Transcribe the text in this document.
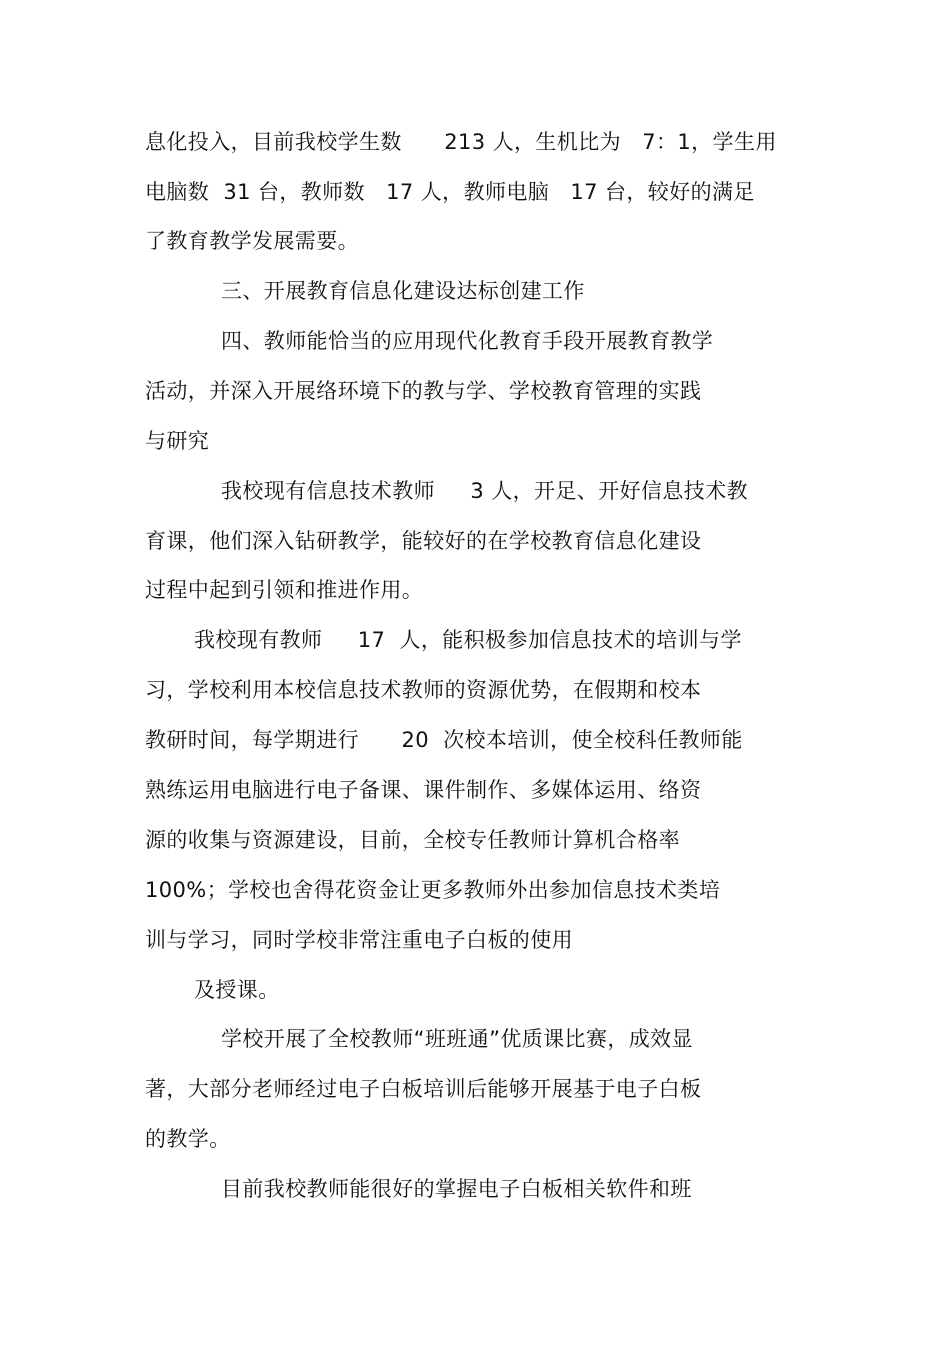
息化投入，目前我校学生数      213 人，生机比为   7：1，学生用
电脑数  31 台，教师数   17 人，教师电脑   17 台，较好的满足
了教育教学发展需要。
三、开展教育信息化建设达标创建工作
四、教师能恰当的应用现代化教育手段开展教育教学
活动，并深入开展络环境下的教与学、学校教育管理的实践
与研究
我校现有信息技术教师     3 人，开足、开好信息技术教
育课，他们深入钻研教学，能较好的在学校教育信息化建设
过程中起到引领和推进作用。
我校现有教师     17  人，能积极参加信息技术的培训与学
习，学校利用本校信息技术教师的资源优势，在假期和校本
教研时间，每学期进行      20  次校本培训，使全校科任教师能
熟练运用电脑进行电子备课、课件制作、多媒体运用、络资
源的收集与资源建设，目前，全校专任教师计算机合格率
100%；学校也舍得花资金让更多教师外出参加信息技术类培
训与学习，同时学校非常注重电子白板的使用
及授课。
学校开展了全校教师“班班通”优质课比赛，成效显
著，大部分老师经过电子白板培训后能够开展基于电子白板
的教学。
目前我校教师能很好的掌握电子白板相关软件和班
